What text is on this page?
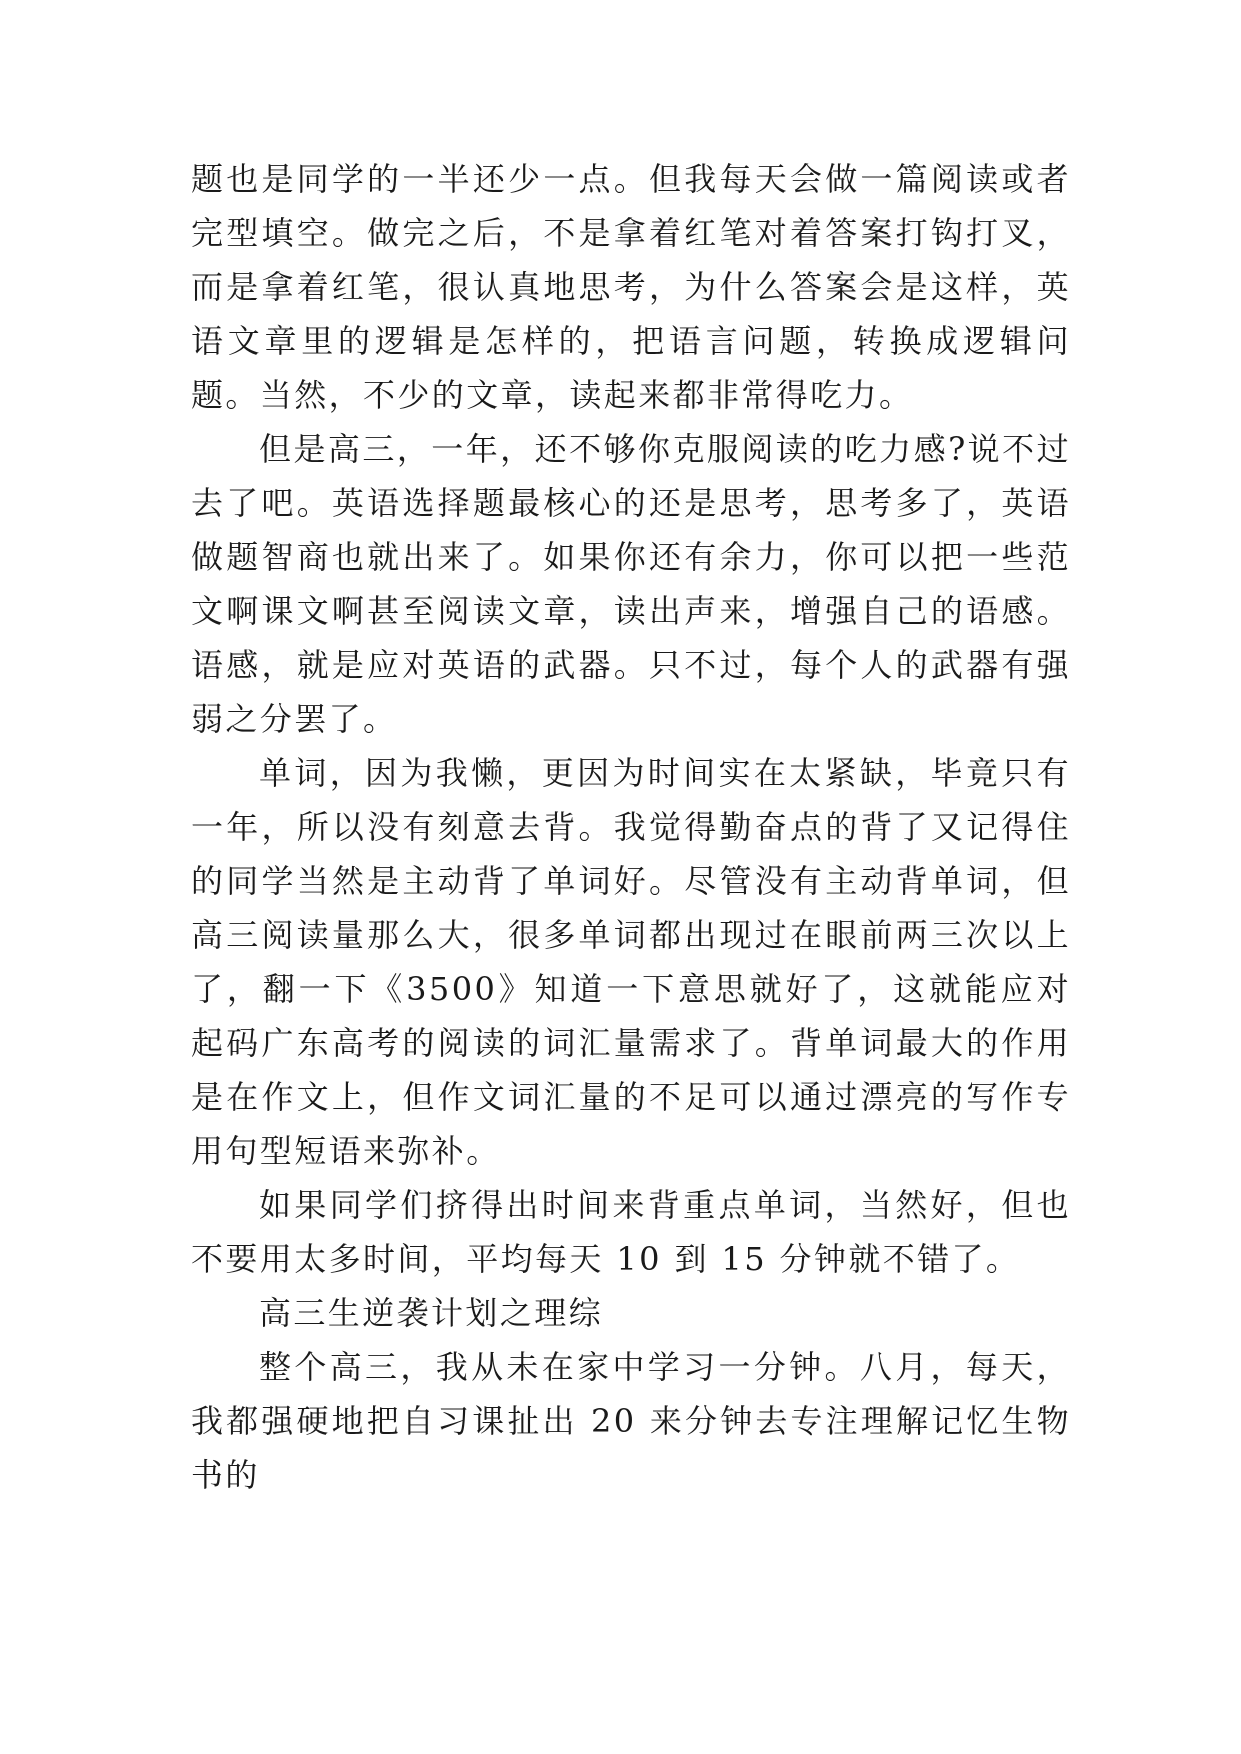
题也是同学的一半还少一点。但我每天会做一篇阅读或者完型填空。做完之后，不是拿着红笔对着答案打钩打叉，而是拿着红笔，很认真地思考，为什么答案会是这样，英语文章里的逻辑是怎样的，把语言问题，转换成逻辑问题。当然，不少的文章，读起来都非常得吃力。

但是高三，一年，还不够你克服阅读的吃力感?说不过去了吧。英语选择题最核心的还是思考，思考多了，英语做题智商也就出来了。如果你还有余力，你可以把一些范文啊课文啊甚至阅读文章，读出声来，增强自己的语感。语感，就是应对英语的武器。只不过，每个人的武器有强弱之分罢了。

单词，因为我懒，更因为时间实在太紧缺，毕竟只有一年，所以没有刻意去背。我觉得勤奋点的背了又记得住的同学当然是主动背了单词好。尽管没有主动背单词，但高三阅读量那么大，很多单词都出现过在眼前两三次以上了，翻一下《3500》知道一下意思就好了，这就能应对起码广东高考的阅读的词汇量需求了。背单词最大的作用是在作文上，但作文词汇量的不足可以通过漂亮的写作专用句型短语来弥补。

如果同学们挤得出时间来背重点单词，当然好，但也不要用太多时间，平均每天 10 到 15 分钟就不错了。

高三生逆袭计划之理综

整个高三，我从未在家中学习一分钟。八月，每天，我都强硬地把自习课扯出 20 来分钟去专注理解记忆生物书的
